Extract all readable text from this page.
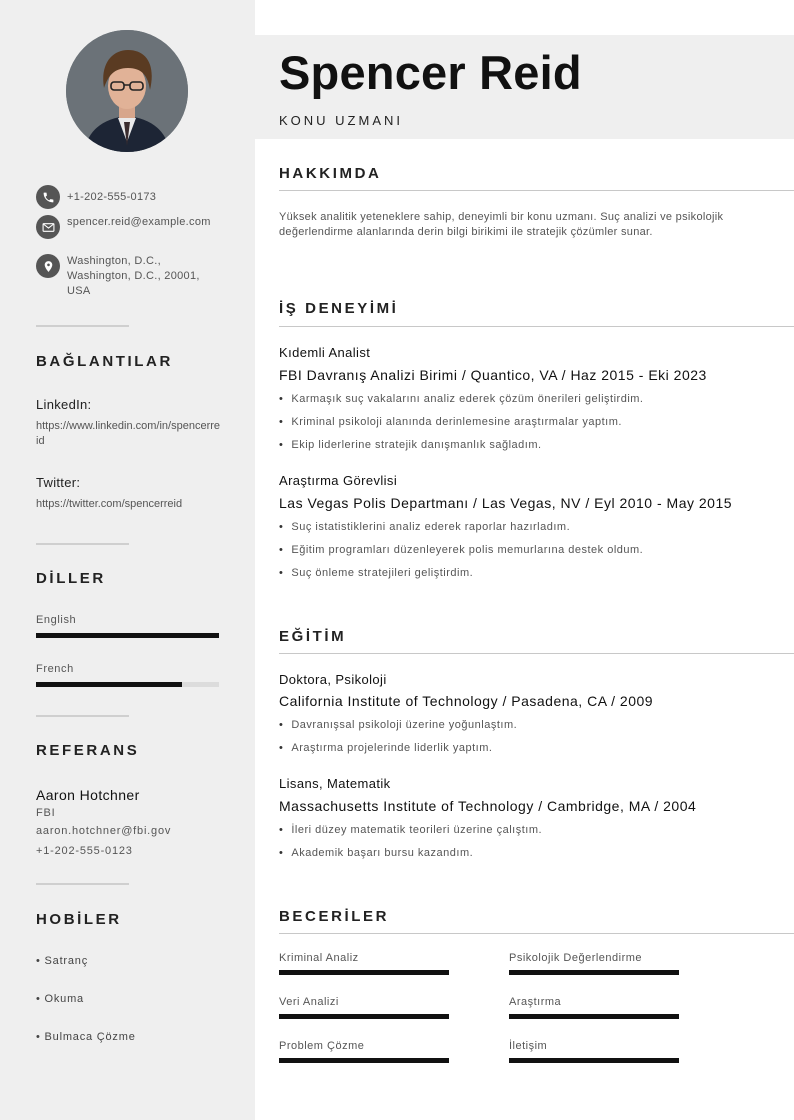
+1-202-555-0173
spencer.reid@example.com
Washington, D.C., Washington, D.C., 20001, USA
BAĞLANTILAR
LinkedIn:
https://www.linkedin.com/in/spencerreid
Twitter:
https://twitter.com/spencerreid
DİLLER
English
French
REFERANS
Aaron Hotchner
FBI
aaron.hotchner@fbi.gov
+1-202-555-0123
HOBİLER
• Satranç
• Okuma
• Bulmaca Çözme
Spencer Reid
KONU UZMANI
HAKKIMDA
Yüksek analitik yeteneklere sahip, deneyimli bir konu uzmanı. Suç analizi ve psikolojik değerlendirme alanlarında derin bilgi birikimi ile stratejik çözümler sunar.
İŞ DENEYİMİ
Kıdemli Analist
FBI Davranış Analizi Birimi / Quantico, VA / Haz 2015 - Eki 2023
• Karmaşık suç vakalarını analiz ederek çözüm önerileri geliştirdim.
• Kriminal psikoloji alanında derinlemesine araştırmalar yaptım.
• Ekip liderlerine stratejik danışmanlık sağladım.
Araştırma Görevlisi
Las Vegas Polis Departmanı / Las Vegas, NV / Eyl 2010 - May 2015
• Suç istatistiklerini analiz ederek raporlar hazırladım.
• Eğitim programları düzenleyerek polis memurlarına destek oldum.
• Suç önleme stratejileri geliştirdim.
EĞİTİM
Doktora, Psikoloji
California Institute of Technology / Pasadena, CA / 2009
• Davranışsal psikoloji üzerine yoğunlaştım.
• Araştırma projelerinde liderlik yaptım.
Lisans, Matematik
Massachusetts Institute of Technology / Cambridge, MA / 2004
• İleri düzey matematik teorileri üzerine çalıştım.
• Akademik başarı bursu kazandım.
BECERİLER
Kriminal Analiz	Psikolojik Değerlendirme
Veri Analizi	Araştırma
Problem Çözme	İletişim
